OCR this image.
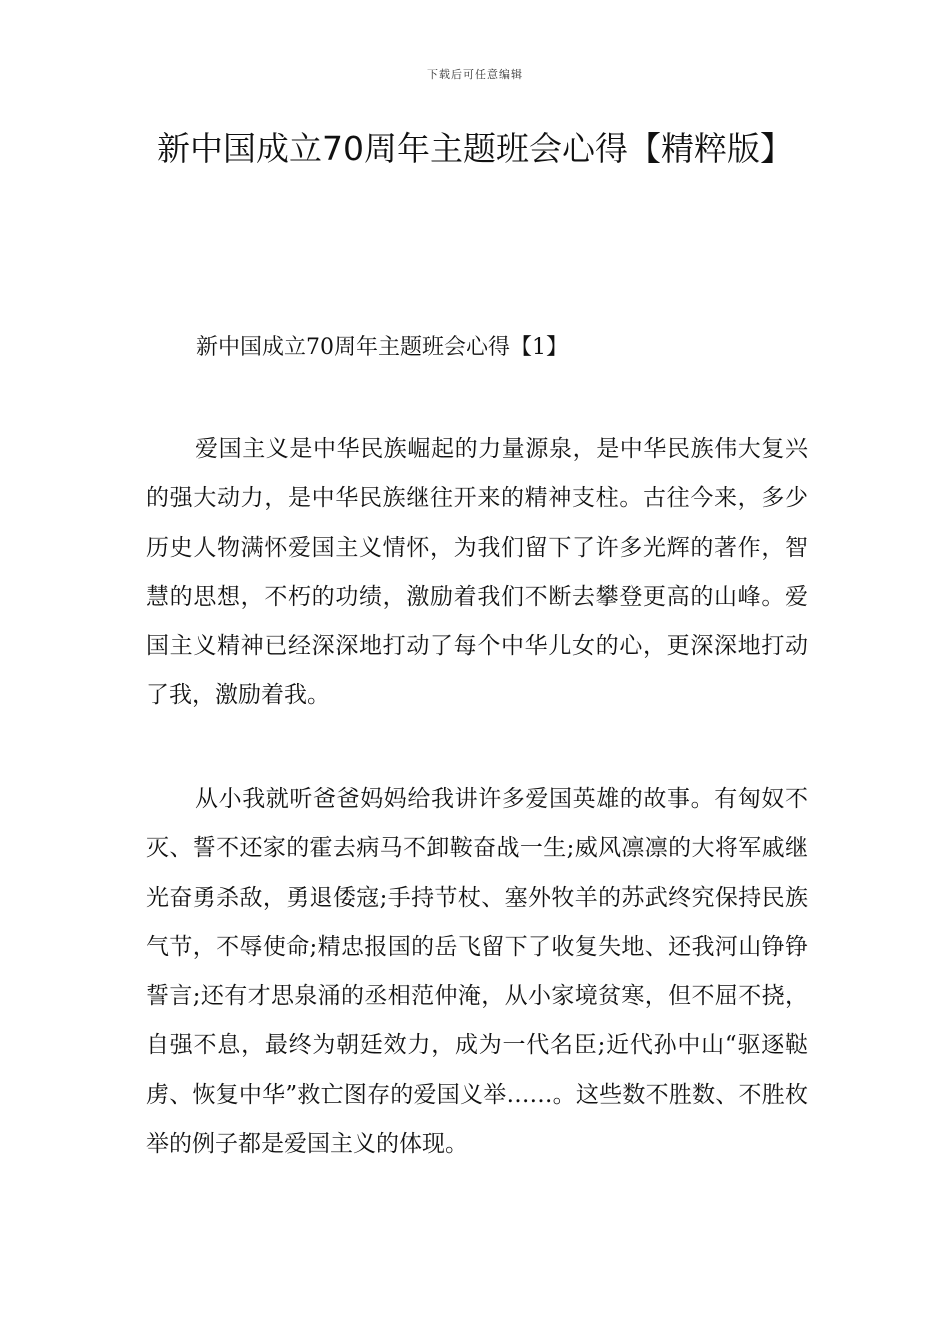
下载后可任意编辑
新中国成立70周年主题班会心得【精粹版】
新中国成立70周年主题班会心得【1】

爱国主义是中华民族崛起的力量源泉，是中华民族伟大复兴的强大动力，是中华民族继往开来的精神支柱。古往今来，多少历史人物满怀爱国主义情怀，为我们留下了许多光辉的著作，智慧的思想，不朽的功绩，激励着我们不断去攀登更高的山峰。爱国主义精神已经深深地打动了每个中华儿女的心，更深深地打动了我，激励着我。

从小我就听爸爸妈妈给我讲许多爱国英雄的故事。有匈奴不灭、誓不还家的霍去病马不卸鞍奋战一生;威风凛凛的大将军戚继光奋勇杀敌，勇退倭寇;手持节杖、塞外牧羊的苏武终究保持民族气节，不辱使命;精忠报国的岳飞留下了收复失地、还我河山铮铮誓言;还有才思泉涌的丞相范仲淹，从小家境贫寒，但不屈不挠，自强不息，最终为朝廷效力，成为一代名臣;近代孙中山“驱逐鞑虏、恢复中华”救亡图存的爱国义举……。这些数不胜数、不胜枚举的例子都是爱国主义的体现。
